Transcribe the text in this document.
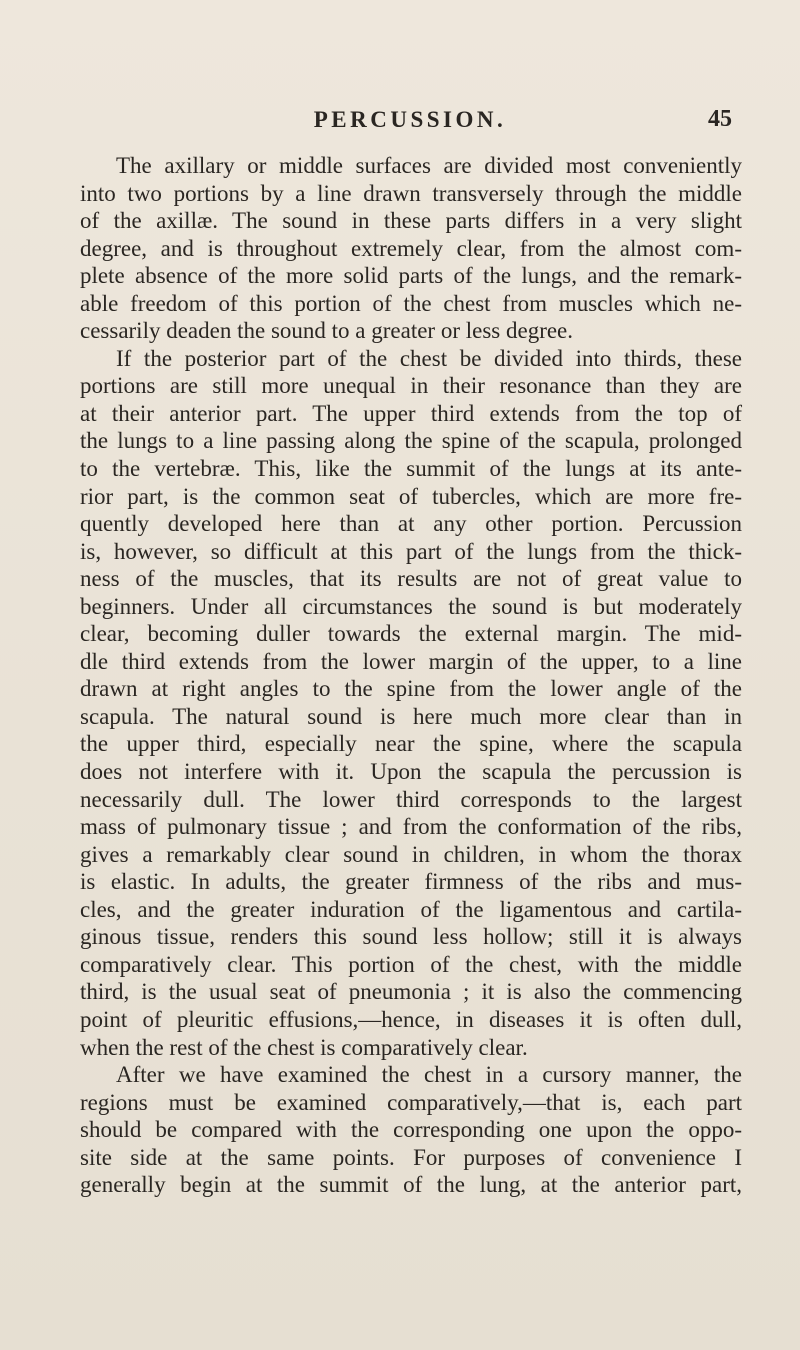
PERCUSSION.	45
The axillary or middle surfaces are divided most conveniently
into two portions by a line drawn transversely through the middle
of the axillæ. The sound in these parts differs in a very slight
degree, and is throughout extremely clear, from the almost com-
plete absence of the more solid parts of the lungs, and the remark-
able freedom of this portion of the chest from muscles which ne-
cessarily deaden the sound to a greater or less degree.
If the posterior part of the chest be divided into thirds, these
portions are still more unequal in their resonance than they are
at their anterior part. The upper third extends from the top of
the lungs to a line passing along the spine of the scapula, prolonged
to the vertebræ. This, like the summit of the lungs at its ante-
rior part, is the common seat of tubercles, which are more fre-
quently developed here than at any other portion. Percussion
is, however, so difficult at this part of the lungs from the thick-
ness of the muscles, that its results are not of great value to
beginners. Under all circumstances the sound is but moderately
clear, becoming duller towards the external margin. The mid-
dle third extends from the lower margin of the upper, to a line
drawn at right angles to the spine from the lower angle of the
scapula. The natural sound is here much more clear than in
the upper third, especially near the spine, where the scapula
does not interfere with it. Upon the scapula the percussion is
necessarily dull. The lower third corresponds to the largest
mass of pulmonary tissue ; and from the conformation of the ribs,
gives a remarkably clear sound in children, in whom the thorax
is elastic. In adults, the greater firmness of the ribs and mus-
cles, and the greater induration of the ligamentous and cartila-
ginous tissue, renders this sound less hollow; still it is always
comparatively clear. This portion of the chest, with the middle
third, is the usual seat of pneumonia ; it is also the commencing
point of pleuritic effusions,—hence, in diseases it is often dull,
when the rest of the chest is comparatively clear.
After we have examined the chest in a cursory manner, the
regions must be examined comparatively,—that is, each part
should be compared with the corresponding one upon the oppo-
site side at the same points. For purposes of convenience I
generally begin at the summit of the lung, at the anterior part,
